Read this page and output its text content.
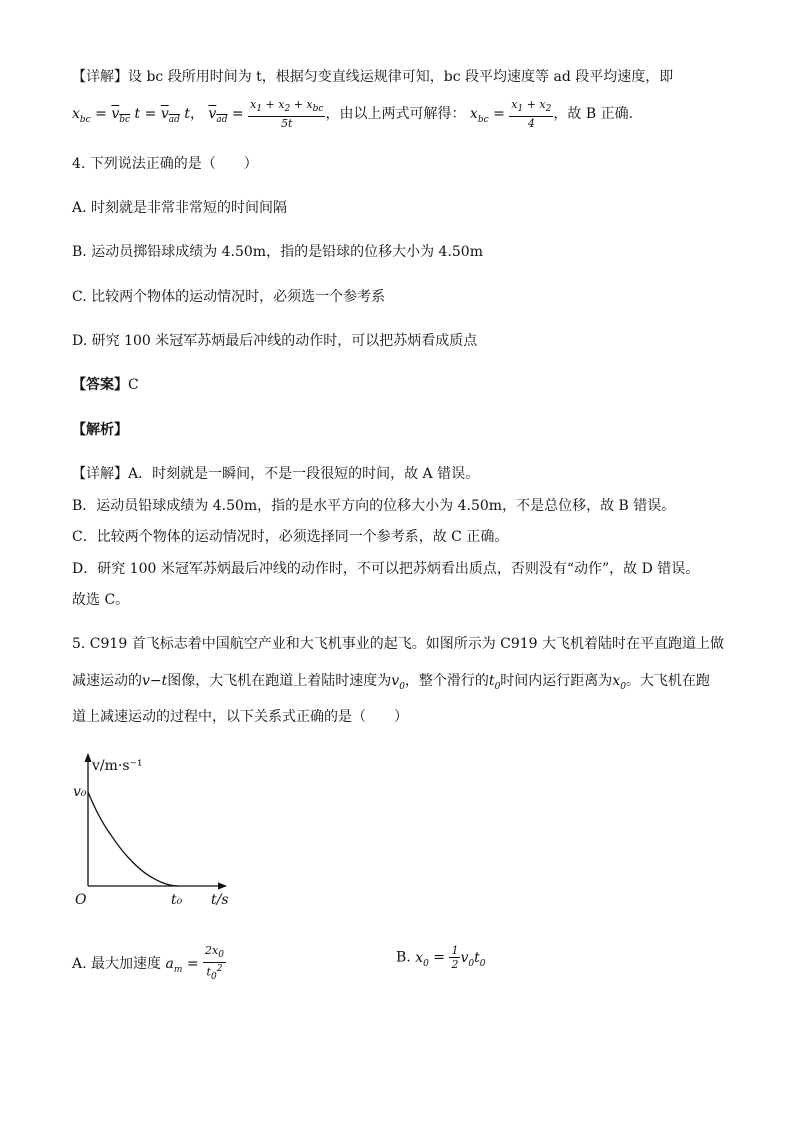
【详解】设 bc 段所用时间为 t，根据匀变直线运规律可知，bc 段平均速度等 ad 段平均速度，即
$x_{bc} = v_{bc}$ $t = v_{ad}$ t， $v_{ad} = \frac{x_1 + x_2 + x_{bc}}{5t}$ ，由以上两式可解得： $x_{bc} = \frac{x_1 + x_2}{4}$ ，故 B 正确.
4. 下列说法正确的是（　　）
A. 时刻就是非常非常短的时间间隔
B. 运动员掷铅球成绩为 4.50m，指的是铅球的位移大小为 4.50m
C. 比较两个物体的运动情况时，必须选一个参考系
D. 研究 100 米冠军苏炳最后冲线的动作时，可以把苏炳看成质点
【答案】C
【解析】
【详解】A．时刻就是一瞬间，不是一段很短的时间，故 A 错误。
B．运动员铅球成绩为 4.50m，指的是水平方向的位移大小为 4.50m，不是总位移，故 B 错误。
C．比较两个物体的运动情况时，必须选择同一个参考系，故 C 正确。
D．研究 100 米冠军苏炳最后冲线的动作时，不可以把苏炳看出质点，否则没有“动作”，故 D 错误。
故选 C。
5. C919 首飞标志着中国航空产业和大飞机事业的起飞。如图所示为 C919 大飞机着陆时在平直跑道上做
减速运动的v−t图像，大飞机在跑道上着陆时速度为$v_0$，整个滑行的$t_0$时间内运行距离为$x_0$。大飞机在跑
道上减速运动的过程中，以下关系式正确的是（　　）
v/m·s⁻¹
v₀
O	t₀ t/s
A. 最大加速度 $a_m = \frac{2x_0}{t_0^2}$	B. $x_0 = \frac{1}{2} v_0t_0$
